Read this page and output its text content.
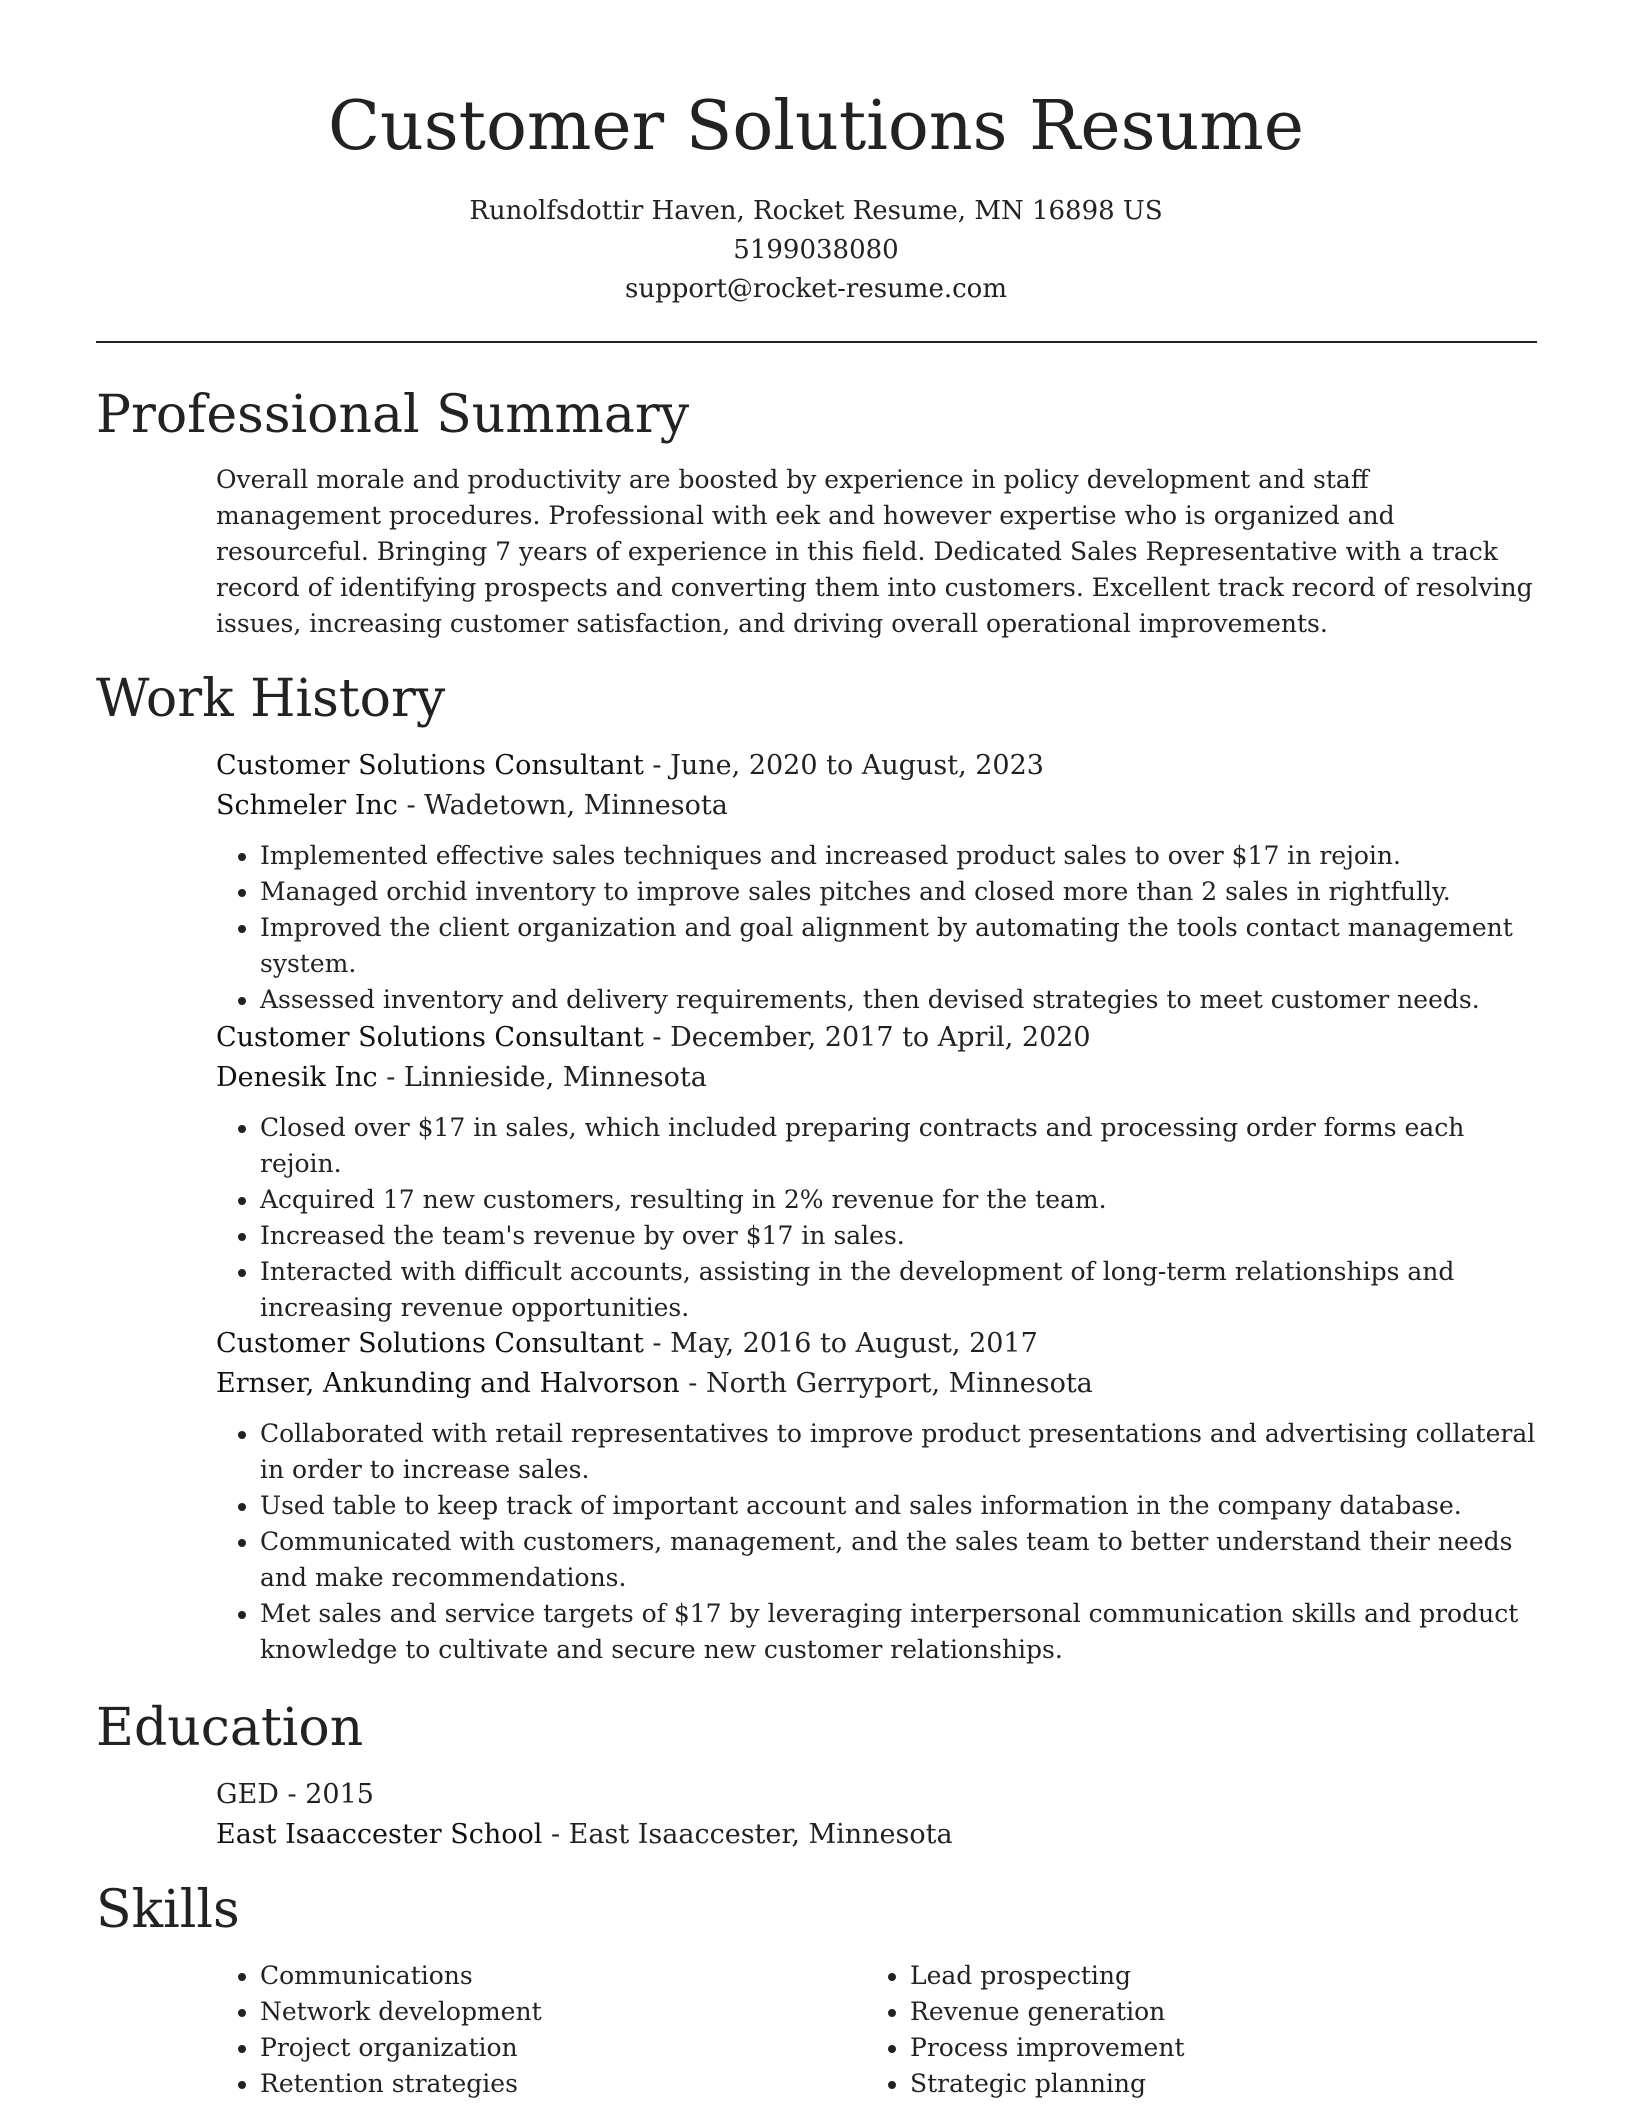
Customer Solutions Resume
Runolfsdottir Haven, Rocket Resume, MN 16898 US
5199038080
support@rocket-resume.com
Professional Summary

Overall morale and productivity are boosted by experience in policy development and staff management procedures. Professional with eek and however expertise who is organized and resourceful. Bringing 7 years of experience in this field. Dedicated Sales Representative with a track record of identifying prospects and converting them into customers. Excellent track record of resolving issues, increasing customer satisfaction, and driving overall operational improvements.

Work History

Customer Solutions Consultant - June, 2020 to August, 2023

Schmeler Inc - Wadetown, Minnesota

• Implemented effective sales techniques and increased product sales to over $17 in rejoin.
• Managed orchid inventory to improve sales pitches and closed more than 2 sales in rightfully.
• Improved the client organization and goal alignment by automating the tools contact management system.
• Assessed inventory and delivery requirements, then devised strategies to meet customer needs.

Customer Solutions Consultant - December, 2017 to April, 2020

Denesik Inc - Linnieside, Minnesota

• Closed over $17 in sales, which included preparing contracts and processing order forms each rejoin.
• Acquired 17 new customers, resulting in 2% revenue for the team.
• Increased the team's revenue by over $17 in sales.
• Interacted with difficult accounts, assisting in the development of long-term relationships and increasing revenue opportunities.

Customer Solutions Consultant - May, 2016 to August, 2017

Ernser, Ankunding and Halvorson - North Gerryport, Minnesota

• Collaborated with retail representatives to improve product presentations and advertising collateral in order to increase sales.
• Used table to keep track of important account and sales information in the company database.
• Communicated with customers, management, and the sales team to better understand their needs and make recommendations.
• Met sales and service targets of $17 by leveraging interpersonal communication skills and product knowledge to cultivate and secure new customer relationships.
Education

GED - 2015

East Isaaccester School - East Isaaccester, Minnesota

Skills
• Communications
• Network development
• Project organization
• Retention strategies
• Lead prospecting
• Revenue generation
• Process improvement
• Strategic planning
